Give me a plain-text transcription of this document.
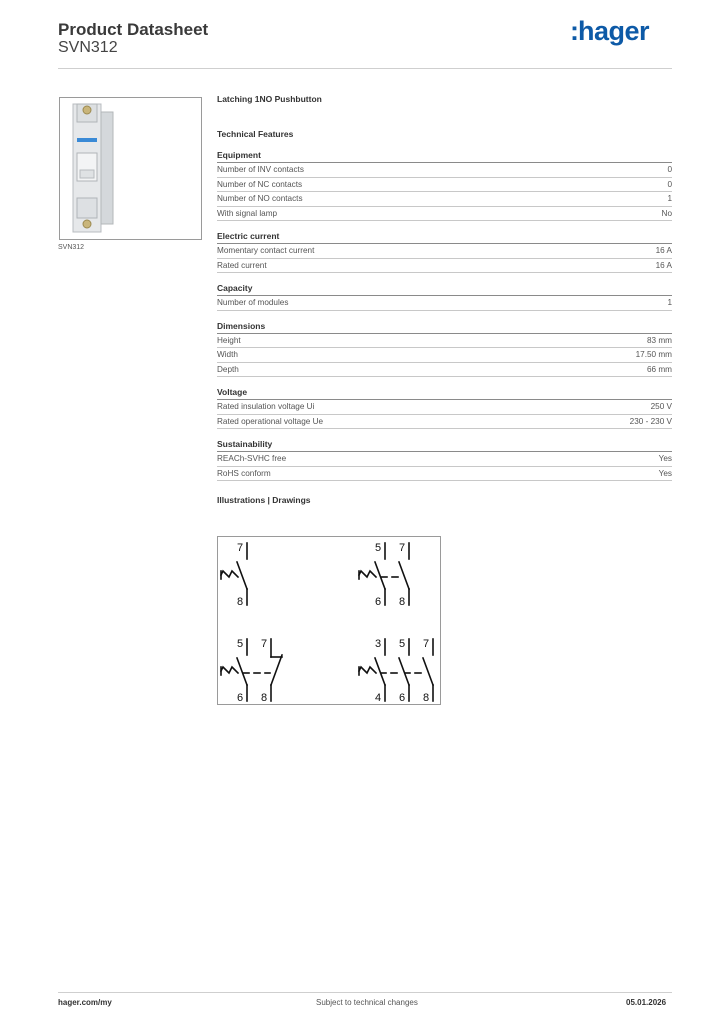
Product Datasheet
SVN312
:hager
SVN312
Latching 1NO Pushbutton
Technical Features
Equipment
Number of INV contacts	0
Number of NC contacts	0
Number of NO contacts	1
With signal lamp	No
Electric current
Momentary contact current	16 A
Rated current	16 A
Capacity
Number of modules	1
Dimensions
Height	83 mm
Width	17.50 mm
Depth	66 mm
Voltage
Rated insulation voltage Ui	250 V
Rated operational voltage Ue	230 - 230 V
Sustainability
REACh-SVHC free	Yes
RoHS conform	Yes
Illustrations | Drawings
7
8
5 7
6 8
5 7
6 8
3 5 7
4 6 8
hager.com/my	Subject to technical changes	05.01.2026
